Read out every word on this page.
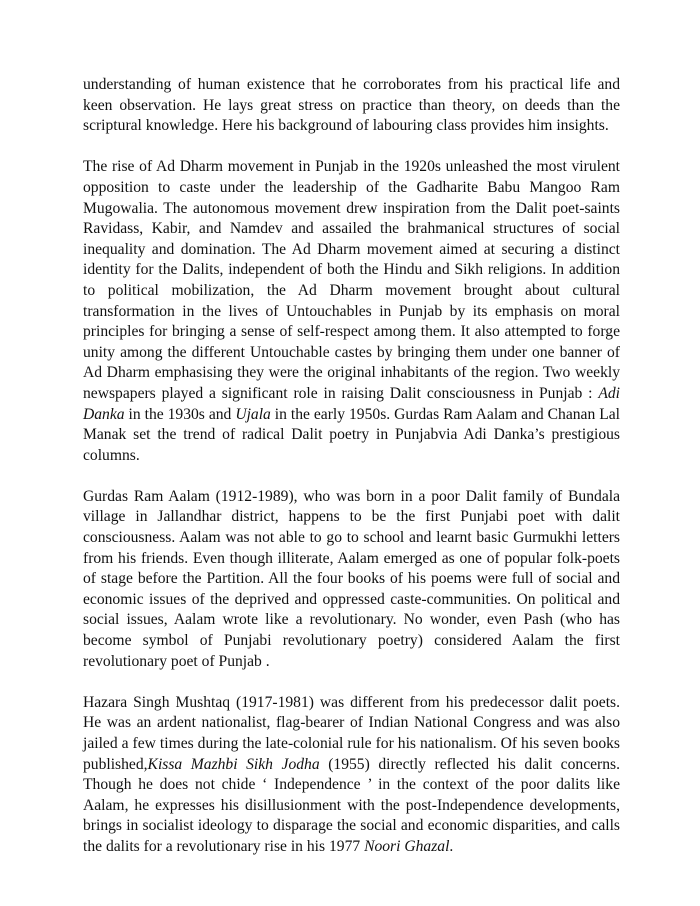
understanding of human existence that he corroborates from his practical life and keen observation. He lays great stress on practice than theory, on deeds than the scriptural knowledge. Here his background of labouring class provides him insights.

The rise of Ad Dharm movement in Punjab in the 1920s unleashed the most virulent opposition to caste under the leadership of the Gadharite Babu Mangoo Ram Mugowalia. The autonomous movement drew inspiration from the Dalit poet-saints Ravidass, Kabir, and Namdev and assailed the brahmanical structures of social inequality and domination. The Ad Dharm movement aimed at securing a distinct identity for the Dalits, independent of both the Hindu and Sikh religions. In addition to political mobilization, the Ad Dharm movement brought about cultural transformation in the lives of Untouchables in Punjab by its emphasis on moral principles for bringing a sense of self-respect among them. It also attempted to forge unity among the different Untouchable castes by bringing them under one banner of Ad Dharm emphasising they were the original inhabitants of the region. Two weekly newspapers played a significant role in raising Dalit consciousness in Punjab : Adi Danka in the 1930s and Ujala in the early 1950s. Gurdas Ram Aalam and Chanan Lal Manak set the trend of radical Dalit poetry in Punjabvia Adi Danka’s prestigious columns.

Gurdas Ram Aalam (1912-1989), who was born in a poor Dalit family of Bundala village in Jallandhar district, happens to be the first Punjabi poet with dalit consciousness. Aalam was not able to go to school and learnt basic Gurmukhi letters from his friends. Even though illiterate, Aalam emerged as one of popular folk-poets of stage before the Partition. All the four books of his poems were full of social and economic issues of the deprived and oppressed caste-communities. On political and social issues, Aalam wrote like a revolutionary. No wonder, even Pash (who has become symbol of Punjabi revolutionary poetry) considered Aalam the first revolutionary poet of Punjab .

Hazara Singh Mushtaq (1917-1981) was different from his predecessor dalit poets. He was an ardent nationalist, flag-bearer of Indian National Congress and was also jailed a few times during the late-colonial rule for his nationalism. Of his seven books published,Kissa Mazhbi Sikh Jodha (1955) directly reflected his dalit concerns. Though he does not chide ‘ Independence ’ in the context of the poor dalits like Aalam, he expresses his disillusionment with the post-Independence developments, brings in socialist ideology to disparage the social and economic disparities, and calls the dalits for a revolutionary rise in his 1977 Noori Ghazal.
